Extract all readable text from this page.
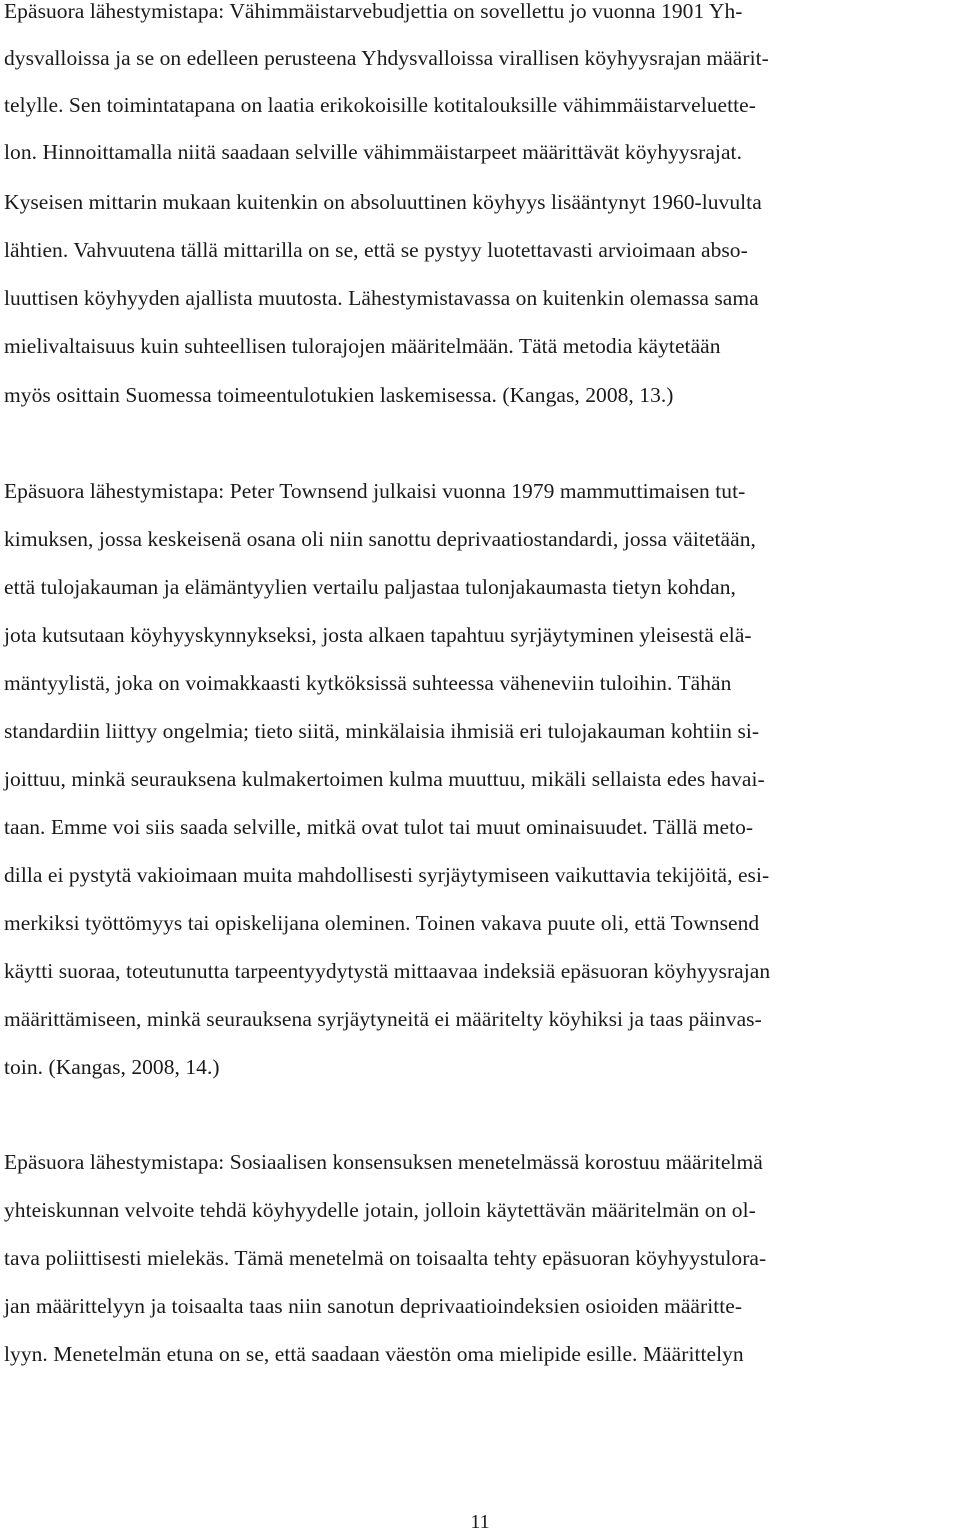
Epäsuora lähestymistapa: Vähimmäistarvebudjettia on sovellettu jo vuonna 1901 Yh-
dysvalloissa ja se on edelleen perusteena Yhdysvalloissa virallisen köyhyysrajan määrit-
telylle. Sen toimintatapana on laatia erikokoisille kotitalouksille vähimmäistarveluette-
lon. Hinnoittamalla niitä saadaan selville vähimmäistarpeet määrittävät köyhyysrajat.
Kyseisen mittarin mukaan kuitenkin on absoluuttinen köyhyys lisääntynyt 1960-luvulta
lähtien. Vahvuutena tällä mittarilla on se, että se pystyy luotettavasti arvioimaan abso-
luuttisen köyhyyden ajallista muutosta. Lähestymistavassa on kuitenkin olemassa sama
mielivaltaisuus kuin suhteellisen tulorajojen määritelmään. Tätä metodia käytetään
myös osittain Suomessa toimeentulotukien laskemisessa. (Kangas, 2008, 13.)
Epäsuora lähestymistapa: Peter Townsend julkaisi vuonna 1979 mammuttimaisen tut-
kimuksen, jossa keskeisenä osana oli niin sanottu deprivaatiostandardi, jossa väitetään,
että tulojakauman ja elämäntyylien vertailu paljastaa tulonjakaumasta tietyn kohdan,
jota kutsutaan köyhyyskynnykseksi, josta alkaen tapahtuu syrjäytyminen yleisestä elä-
mäntyylistä, joka on voimakkaasti kytköksissä suhteessa väheneviin tuloihin. Tähän
standardiin liittyy ongelmia; tieto siitä, minkälaisia ihmisiä eri tulojakauman kohtiin si-
joittuu, minkä seurauksena kulmakertoimen kulma muuttuu, mikäli sellaista edes havai-
taan. Emme voi siis saada selville, mitkä ovat tulot tai muut ominaisuudet. Tällä meto-
dilla ei pystytä vakioimaan muita mahdollisesti syrjäytymiseen vaikuttavia tekijöitä, esi-
merkiksi työttömyys tai opiskelijana oleminen. Toinen vakava puute oli, että Townsend
käytti suoraa, toteutunutta tarpeentyydytystä mittaavaa indeksiä epäsuoran köyhyysrajan
määrittämiseen, minkä seurauksena syrjäytyneitä ei määritelty köyhiksi ja taas päinvas-
toin. (Kangas, 2008, 14.)
Epäsuora lähestymistapa: Sosiaalisen konsensuksen menetelmässä korostuu määritelmä
yhteiskunnan velvoite tehdä köyhyydelle jotain, jolloin käytettävän määritelmän on ol-
tava poliittisesti mielekäs. Tämä menetelmä on toisaalta tehty epäsuoran köyhyystulora-
jan määrittelyyn ja toisaalta taas niin sanotun deprivaatioindeksien osioiden määritte-
lyyn. Menetelmän etuna on se, että saadaan väestön oma mielipide esille. Määrittelyn
11
